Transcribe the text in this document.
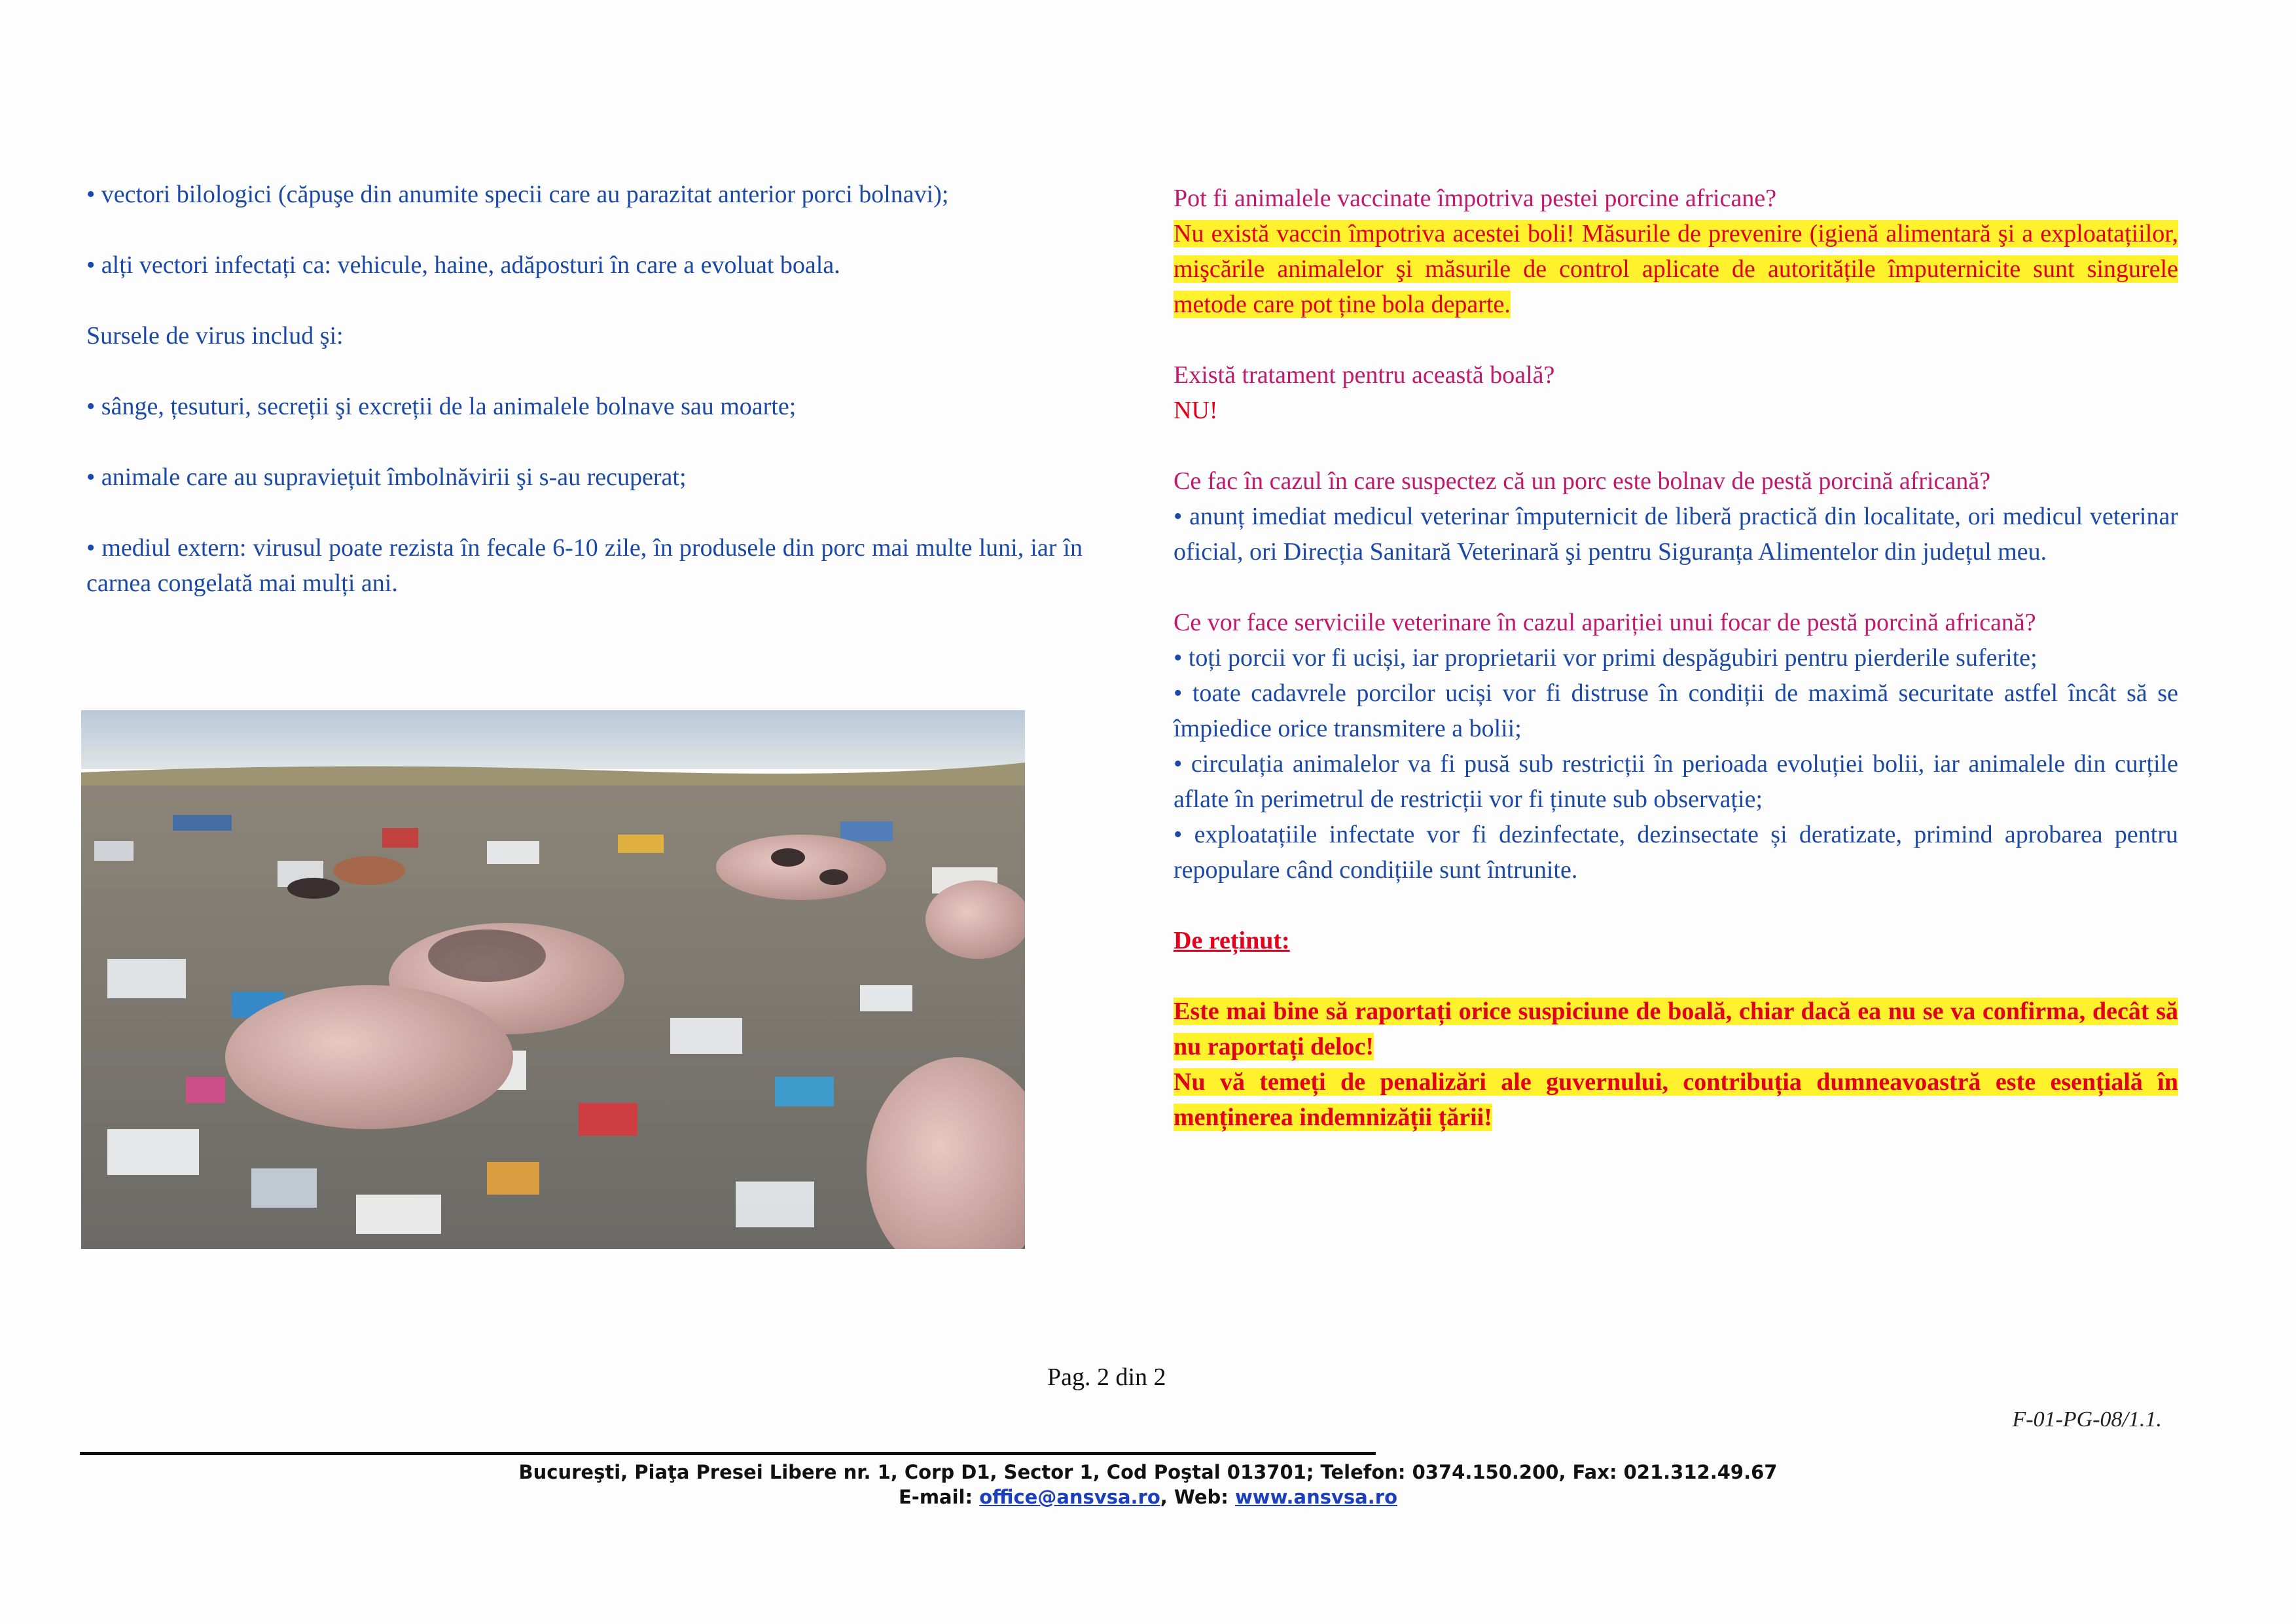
• vectori bilologici (căpuşe din anumite specii care au parazitat anterior porci bolnavi);

• alți vectori infectați ca: vehicule, haine, adăposturi în care a evoluat boala.

Sursele de virus includ şi:

• sânge, țesuturi, secreții şi excreții de la animalele bolnave sau moarte;

• animale care au supraviețuit îmbolnăvirii şi s-au recuperat;

• mediul extern: virusul poate rezista în fecale 6-10 zile, în produsele din porc mai multe luni, iar în carnea congelată mai mulți ani.

Pot fi animalele vaccinate împotriva pestei porcine africane?

Nu există vaccin împotriva acestei boli! Măsurile de prevenire (igienă alimentară şi a exploatațiilor, mişcările animalelor şi măsurile de control aplicate de autoritățile împuternicite sunt singurele metode care pot ține bola departe.

Există tratament pentru această boală?

NU!

Ce fac în cazul în care suspectez că un porc este bolnav de pestă porcină africană?

• anunț imediat medicul veterinar împuternicit de liberă practică din localitate, ori medicul veterinar oficial, ori Direcția Sanitară Veterinară şi pentru Siguranța Alimentelor din județul meu.

Ce vor face serviciile veterinare în cazul apariției unui focar de pestă porcină africană?

• toți porcii vor fi uciși, iar proprietarii vor primi despăgubiri pentru pierderile suferite;

• toate cadavrele porcilor uciși vor fi distruse în condiții de maximă securitate astfel încât să se împiedice orice transmitere a bolii;

• circulația animalelor va fi pusă sub restricții în perioada evoluției bolii, iar animalele din curțile aflate în perimetrul de restricții vor fi ținute sub observație;

• exploatațiile infectate vor fi dezinfectate, dezinsectate și deratizate, primind aprobarea pentru repopulare când condițiile sunt întrunite.

De reținut:

Este mai bine să raportați orice suspiciune de boală, chiar dacă ea nu se va confirma, decât să nu raportați deloc!

Nu vă temeți de penalizări ale guvernului, contribuția dumneavoastră este esențială în menținerea indemnizății țării!

Pag. 2 din 2
F-01-PG-08/1.1.
Bucureşti, Piaţa Presei Libere nr. 1, Corp D1, Sector 1, Cod Poştal 013701; Telefon: 0374.150.200, Fax: 021.312.49.67
E-mail: office@ansvsa.ro, Web: www.ansvsa.ro
